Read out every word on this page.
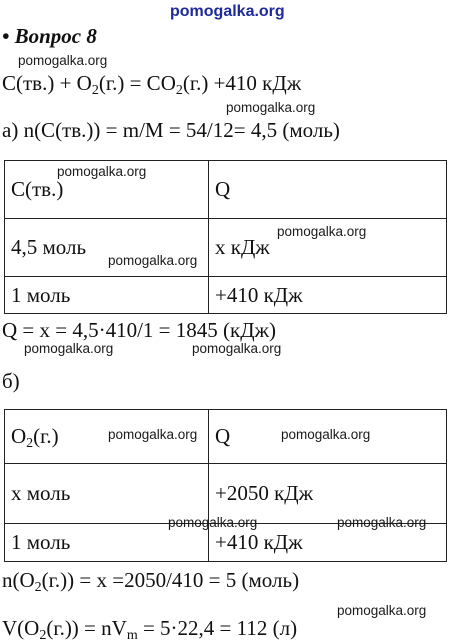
pomogalka.org
• Вопрос 8
pomogalka.org
$C(тв.) + O_2(г.) = CO_2(г.) +410$ кДж
pomogalka.org
а) n(C(тв.)) = m/M = 54/12= 4,5 (моль)
C(тв.)	Q
4,5 моль	x кДж
1 моль	+410 кДж
pomogalka.org
pomogalka.org
pomogalka.org
Q = x = 4,5·410/1 = 1845 (кДж)
pomogalka.org	pomogalka.org
б)
$O_2(г.)$	Q
x моль	+2050 кДж
1 моль	+410 кДж
pomogalka.org	pomogalka.org
pomogalka.org	pomogalka.org
$n(O_2(г.)) = x =2050/410 = 5$ (моль)
pomogalka.org
$V(O_2(г.)) = nV_m = 5\cdot 22,4 = 112$ (л)
